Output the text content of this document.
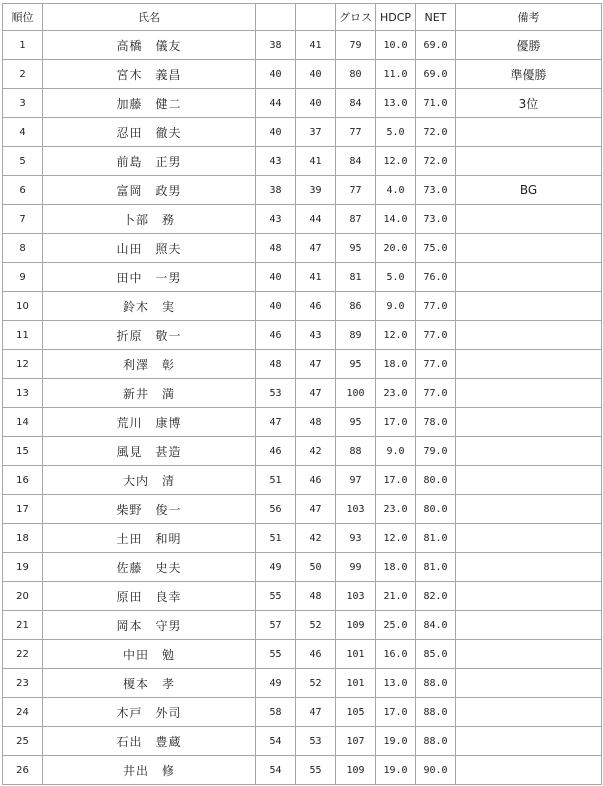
順位	氏名			グロス	HDCP	NET	備考
1	高橋　儀友	38	41	79	10.0	69.0	優勝
2	宮木　義昌	40	40	80	11.0	69.0	準優勝
3	加藤　健二	44	40	84	13.0	71.0	3位
4	忍田　徹夫	40	37	77	5.0	72.0	
5	前島　正男	43	41	84	12.0	72.0	
6	富岡　政男	38	39	77	4.0	73.0	BG
7	卜部　務	43	44	87	14.0	73.0	
8	山田　照夫	48	47	95	20.0	75.0	
9	田中　一男	40	41	81	5.0	76.0	
10	鈴木　実	40	46	86	9.0	77.0	
11	折原　敬一	46	43	89	12.0	77.0	
12	利澤　彰	48	47	95	18.0	77.0	
13	新井　満	53	47	100	23.0	77.0	
14	荒川　康博	47	48	95	17.0	78.0	
15	風見　甚造	46	42	88	9.0	79.0	
16	大内　清	51	46	97	17.0	80.0	
17	柴野　俊一	56	47	103	23.0	80.0	
18	土田　和明	51	42	93	12.0	81.0	
19	佐藤　史夫	49	50	99	18.0	81.0	
20	原田　良幸	55	48	103	21.0	82.0	
21	岡本　守男	57	52	109	25.0	84.0	
22	中田　勉	55	46	101	16.0	85.0	
23	榎本　孝	49	52	101	13.0	88.0	
24	木戸　外司	58	47	105	17.0	88.0	
25	石出　豊蔵	54	53	107	19.0	88.0	
26	井出　修	54	55	109	19.0	90.0	
